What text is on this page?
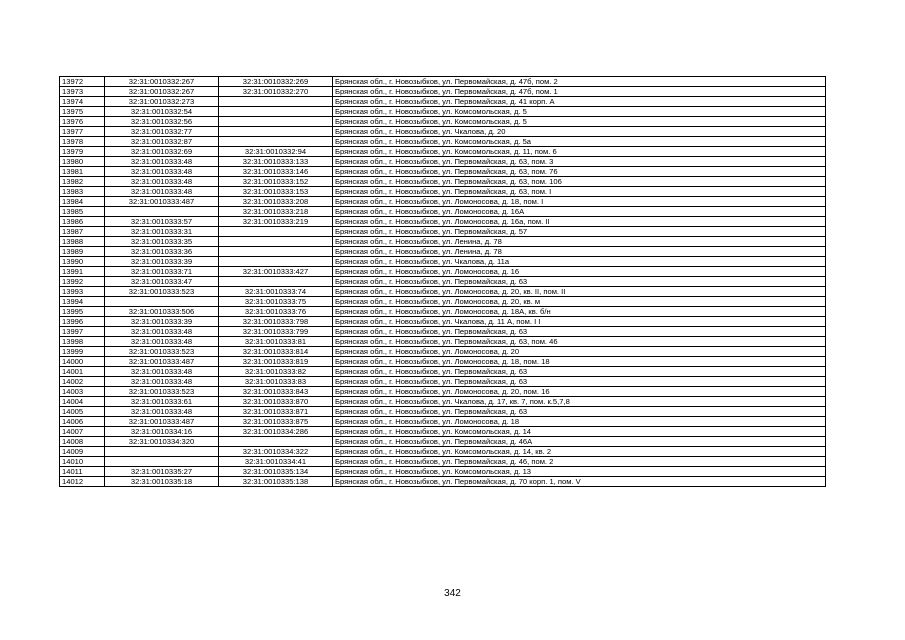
13972	32:31:0010332:267	32:31:0010332:269	Брянская обл., г. Новозыбков, ул. Первомайская, д. 47б, пом. 2
13973	32:31:0010332:267	32:31:0010332:270	Брянская обл., г. Новозыбков, ул. Первомайская, д. 47б, пом. 1
13974	32:31:0010332:273		Брянская обл., г. Новозыбков, ул. Первомайская, д. 41 корп. А
13975	32:31:0010332:54		Брянская обл., г. Новозыбков, ул. Комсомольская, д. 5
13976	32:31:0010332:56		Брянская обл., г. Новозыбков, ул. Комсомольская, д. 5
13977	32:31:0010332:77		Брянская обл., г. Новозыбков, ул. Чкалова, д. 20
13978	32:31:0010332:87		Брянская обл., г. Новозыбков, ул. Комсомольская, д. 5а
13979	32:31:0010332:69	32:31:0010332:94	Брянская обл., г. Новозыбков, ул. Комсомольская, д. 11, пом. 6
13980	32:31:0010333:48	32:31:0010333:133	Брянская обл., г. Новозыбков, ул. Первомайская, д. 63, пом. 3
13981	32:31:0010333:48	32:31:0010333:146	Брянская обл., г. Новозыбков, ул. Первомайская, д. 63, пом. 76
13982	32:31:0010333:48	32:31:0010333:152	Брянская обл., г. Новозыбков, ул. Первомайская, д. 63, пом. 106
13983	32:31:0010333:48	32:31:0010333:153	Брянская обл., г. Новозыбков, ул. Первомайская, д. 63, пом. I
13984	32:31:0010333:487	32:31:0010333:208	Брянская обл., г. Новозыбков, ул. Ломоносова, д. 18, пом. I
13985		32:31:0010333:218	Брянская обл., г. Новозыбков, ул. Ломоносова, д. 16А
13986	32:31:0010333:57	32:31:0010333:219	Брянская обл., г. Новозыбков, ул. Ломоносова, д. 16а, пом. II
13987	32:31:0010333:31		Брянская обл., г. Новозыбков, ул. Первомайская, д. 57
13988	32:31:0010333:35		Брянская обл., г. Новозыбков, ул. Ленина, д. 78
13989	32:31:0010333:36		Брянская обл., г. Новозыбков, ул. Ленина, д. 78
13990	32:31:0010333:39		Брянская обл., г. Новозыбков, ул. Чкалова, д. 11а
13991	32:31:0010333:71	32:31:0010333:427	Брянская обл., г. Новозыбков, ул. Ломоносова, д. 16
13992	32:31:0010333:47		Брянская обл., г. Новозыбков, ул. Первомайская, д. 63
13993	32:31:0010333:523	32:31:0010333:74	Брянская обл., г. Новозыбков, ул. Ломоносова, д. 20, кв. II, пом. II
13994		32:31:0010333:75	Брянская обл., г. Новозыбков, ул. Ломоносова, д. 20, кв. м
13995	32:31:0010333:506	32:31:0010333:76	Брянская обл., г. Новозыбков, ул. Ломоносова, д. 18А, кв. б/н
13996	32:31:0010333:39	32:31:0010333:798	Брянская обл., г. Новозыбков, ул. Чкалова, д. 11 А, пом. I I
13997	32:31:0010333:48	32:31:0010333:799	Брянская обл., г. Новозыбков, ул. Первомайская, д. 63
13998	32:31:0010333:48	32:31:0010333:81	Брянская обл., г. Новозыбков, ул. Первомайская, д. 63, пом. 46
13999	32:31:0010333:523	32:31:0010333:814	Брянская обл., г. Новозыбков, ул. Ломоносова, д. 20
14000	32:31:0010333:487	32:31:0010333:819	Брянская обл., г. Новозыбков, ул. Ломоносова, д. 18, пом. 18
14001	32:31:0010333:48	32:31:0010333:82	Брянская обл., г. Новозыбков, ул. Первомайская, д. 63
14002	32:31:0010333:48	32:31:0010333:83	Брянская обл., г. Новозыбков, ул. Первомайская, д. 63
14003	32:31:0010333:523	32:31:0010333:843	Брянская обл., г. Новозыбков, ул. Ломоносова, д. 20, пом. 16
14004	32:31:0010333:61	32:31:0010333:870	Брянская обл., г. Новозыбков, ул. Чкалова, д. 17, кв. 7, пом. к.5,7,8
14005	32:31:0010333:48	32:31:0010333:871	Брянская обл., г. Новозыбков, ул. Первомайская, д. 63
14006	32:31:0010333:487	32:31:0010333:875	Брянская обл., г. Новозыбков, ул. Ломоносова, д. 18
14007	32:31:0010334:16	32:31:0010334:286	Брянская обл., г. Новозыбков, ул. Комсомольская, д. 14
14008	32:31:0010334:320		Брянская обл., г. Новозыбков, ул. Первомайская, д. 46А
14009		32:31:0010334:322	Брянская обл., г. Новозыбков, ул. Комсомольская, д. 14, кв. 2
14010		32:31:0010334:41	Брянская обл., г. Новозыбков, ул. Первомайская, д. 46, пом. 2
14011	32:31:0010335:27	32:31:0010335:134	Брянская обл., г. Новозыбков, ул. Комсомольская, д. 13
14012	32:31:0010335:18	32:31:0010335:138	Брянская обл., г. Новозыбков, ул. Первомайская, д. 70 корп. 1, пом. V
342
